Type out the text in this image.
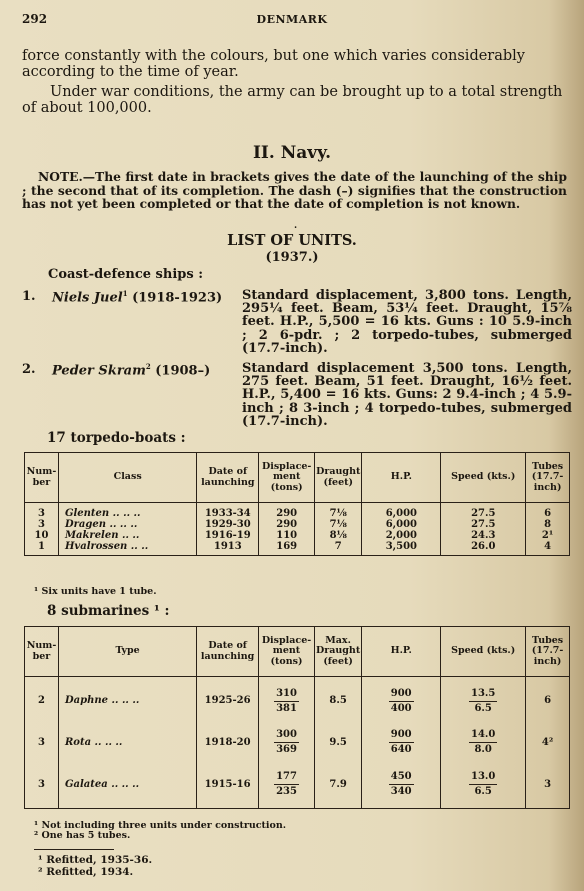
292	DENMARK
force constantly with the colours, but one which varies considerably according to the time of year.
Under war conditions, the army can be brought up to a total strength of about 100,000.
II. Navy.
NOTE.—The first date in brackets gives the date of the launching of the ship ; the second that of its completion. The dash (–) signifies that the construction has not yet been completed or that the date of completion is not known.
.
LIST OF UNITS.
(1937.)
Coast-defence ships :
1. Niels Juel$^1$ (1918-1923) Standard displacement, 3,800 tons. Length, 295¼ feet. Beam, 53¼ feet. Draught, 15⅞ feet. H.P., 5,500 = 16 kts. Guns : 10 5.9-inch ; 2 6-pdr. ; 2 torpedo-tubes, submerged (17.7-inch).
2. Peder Skram$^2$ (1908–) Standard displacement 3,500 tons. Length, 275 feet. Beam, 51 feet. Draught, 16½ feet. H.P., 5,400 = 16 kts. Guns: 2 9.4-inch ; 4 5.9-inch ; 8 3-inch ; 4 torpedo-tubes, submerged (17.7-inch).
17 torpedo-boats :
Num-ber	Class	Date of launching	Displace-ment (tons)	Draught (feet)	H.P.	Speed (kts.)	Tubes (17.7-inch)
3	Glenten .. .. ..	1933-34	290	7⅛	6,000	27.5	6
3	Dragen .. .. ..	1929-30	290	7⅛	6,000	27.5	8
10	Makrelen .. ..	1916-19	110	8⅛	2,000	24.3	2¹
1	Hvalrossen .. ..	1913	169	7	3,500	26.0	4
¹ Six units have 1 tube.
8 submarines ¹ :
Num-ber	Type	Date of launching	Displace-ment (tons)	Max. Draught (feet)	H.P.	Speed (kts.)	Tubes (17.7-inch)
2	Daphne .. .. ..	1925-26	$\frac{310}{381}$	8.5	$\frac{900}{400}$	$\frac{13.5}{6.5}$	6
3	Rota .. .. ..	1918-20	$\frac{300}{369}$	9.5	$\frac{900}{640}$	$\frac{14.0}{8.0}$	4²
3	Galatea .. .. ..	1915-16	$\frac{177}{235}$	7.9	$\frac{450}{340}$	$\frac{13.0}{6.5}$	3
¹ Not including three units under construction.
² One has 5 tubes.
¹ Refitted, 1935-36.
² Refitted, 1934.
